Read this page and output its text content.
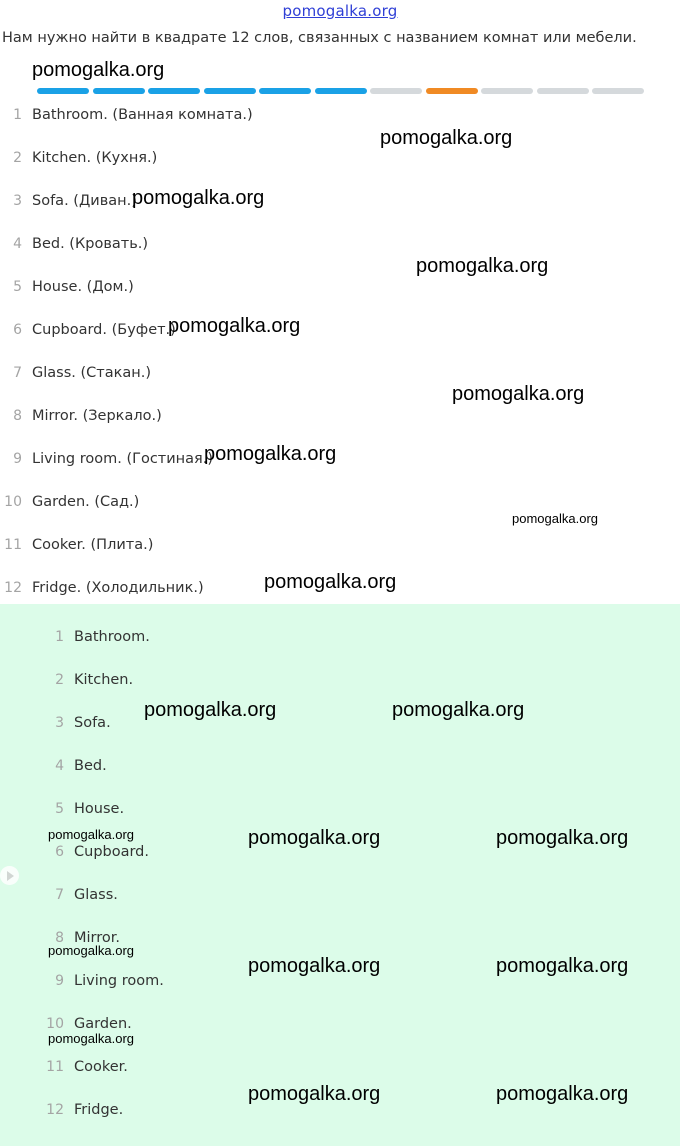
pomogalka.org
Нам нужно найти в квадрате 12 слов, связанных с названием комнат или мебели.
1 Bathroom. (Ванная комната.)
2 Kitchen. (Кухня.)
3 Sofa. (Диван.)
4 Bed. (Кровать.)
5 House. (Дом.)
6 Cupboard. (Буфет.)
7 Glass. (Стакан.)
8 Mirror. (Зеркало.)
9 Living room. (Гостиная.)
10 Garden. (Сад.)
11 Cooker. (Плита.)
12 Fridge. (Холодильник.)
1 Bathroom.
2 Kitchen.
3 Sofa.
4 Bed.
5 House.
6 Cupboard.
7 Glass.
8 Mirror.
9 Living room.
10 Garden.
11 Cooker.
12 Fridge.
pomogalka.org
pomogalka.org
pomogalka.org
pomogalka.org
pomogalka.org
pomogalka.org
pomogalka.org
pomogalka.org
pomogalka.org
pomogalka.org	pomogalka.org
pomogalka.org	pomogalka.org	pomogalka.org
pomogalka.org
pomogalka.org	pomogalka.org
pomogalka.org
pomogalka.org	pomogalka.org
